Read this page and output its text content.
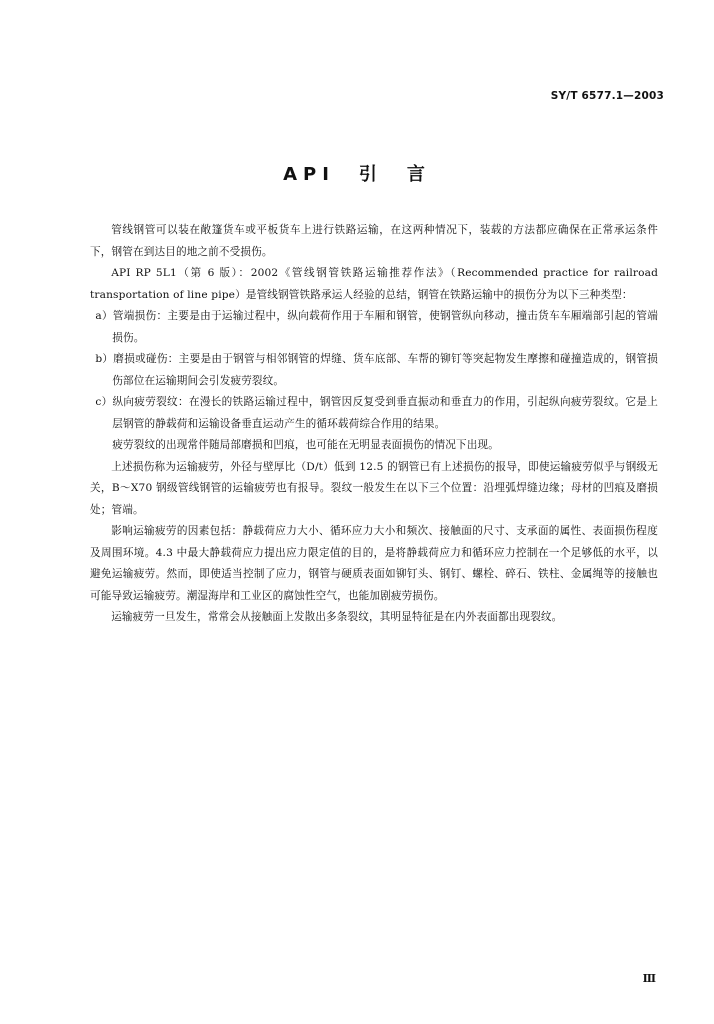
SY/T 6577.1—2003
API　引　言

管线钢管可以装在敞篷货车或平板货车上进行铁路运输，在这两种情况下，装载的方法都应确保在正常承运条件下，钢管在到达目的地之前不受损伤。

API RP 5L1（第 6 版）：2002《管线钢管铁路运输推荐作法》（Recommended practice for railroad transportation of line pipe）是管线钢管铁路承运人经验的总结，钢管在铁路运输中的损伤分为以下三种类型：

a）管端损伤：主要是由于运输过程中，纵向载荷作用于车厢和钢管，使钢管纵向移动，撞击货车车厢端部引起的管端损伤。

b）磨损或碰伤：主要是由于钢管与相邻钢管的焊缝、货车底部、车帮的铆钉等突起物发生摩擦和碰撞造成的，钢管损伤部位在运输期间会引发疲劳裂纹。

c）纵向疲劳裂纹：在漫长的铁路运输过程中，钢管因反复受到垂直振动和垂直力的作用，引起纵向疲劳裂纹。它是上层钢管的静载荷和运输设备垂直运动产生的循环载荷综合作用的结果。

疲劳裂纹的出现常伴随局部磨损和凹痕，也可能在无明显表面损伤的情况下出现。

上述损伤称为运输疲劳，外径与壁厚比（D/t）低到 12.5 的钢管已有上述损伤的报导，即使运输疲劳似乎与钢级无关，B～X70 钢级管线钢管的运输疲劳也有报导。裂纹一般发生在以下三个位置：沿埋弧焊缝边缘；母材的凹痕及磨损处；管端。

影响运输疲劳的因素包括：静载荷应力大小、循环应力大小和频次、接触面的尺寸、支承面的属性、表面损伤程度及周围环境。4.3 中最大静载荷应力提出应力限定值的目的，是将静载荷应力和循环应力控制在一个足够低的水平，以避免运输疲劳。然而，即使适当控制了应力，钢管与硬质表面如铆钉头、钢钉、螺栓、碎石、铁柱、金属绳等的接触也可能导致运输疲劳。潮湿海岸和工业区的腐蚀性空气，也能加剧疲劳损伤。

运输疲劳一旦发生，常常会从接触面上发散出多条裂纹，其明显特征是在内外表面都出现裂纹。

Ⅲ
